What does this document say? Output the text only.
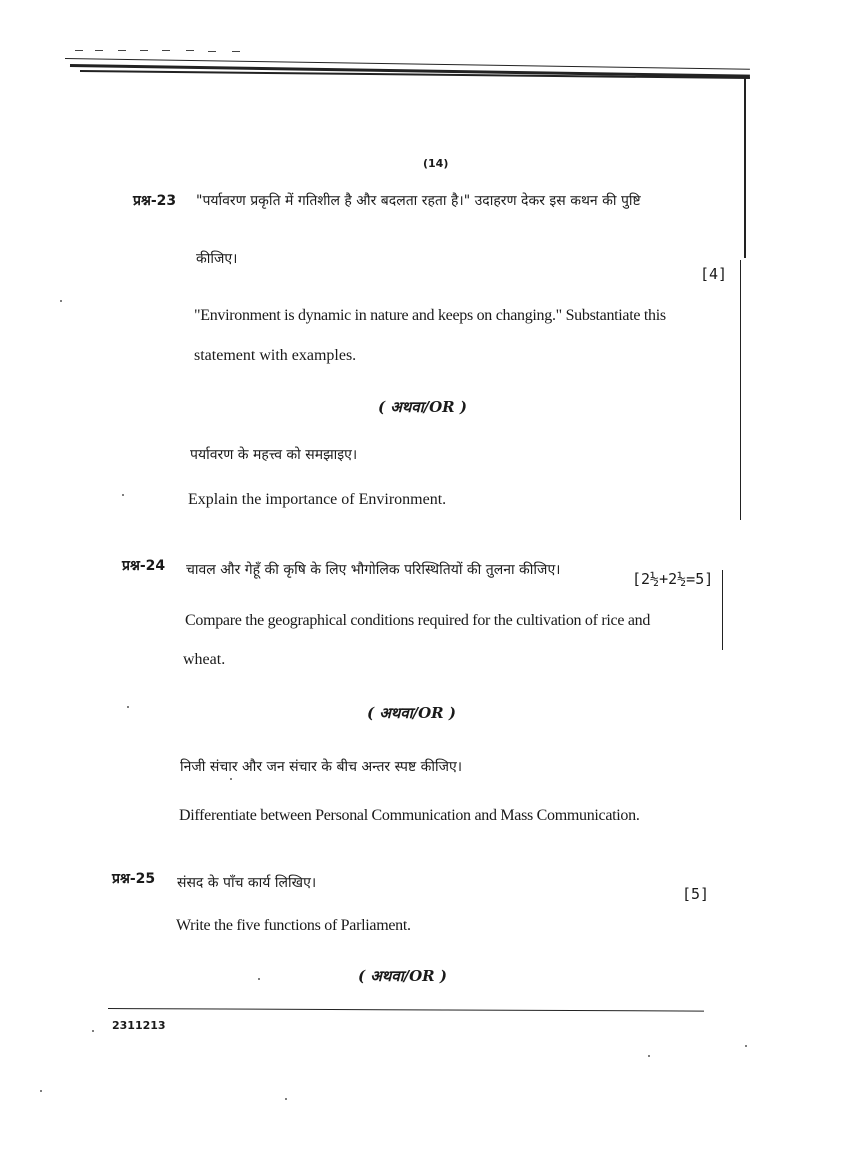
(14)
प्रश्न-23 "पर्यावरण प्रकृति में गतिशील है और बदलता रहता है।" उदाहरण देकर इस कथन की पुष्टि
कीजिए।
[4]
"Environment is dynamic in nature and keeps on changing." Substantiate this
statement with examples.
( अथवा/OR )
पर्यावरण के महत्त्व को समझाइए।
Explain the importance of Environment.
प्रश्न-24 चावल और गेहूँ की कृषि के लिए भौगोलिक परिस्थितियों की तुलना कीजिए।	[2½+2½=5]
Compare the geographical conditions required for the cultivation of rice and
wheat.
( अथवा/OR )
निजी संचार और जन संचार के बीच अन्तर स्पष्ट कीजिए।
Differentiate between Personal Communication and Mass Communication.
प्रश्न-25 संसद के पाँच कार्य लिखिए।
[5]
Write the five functions of Parliament.
( अथवा/OR )
2311213
